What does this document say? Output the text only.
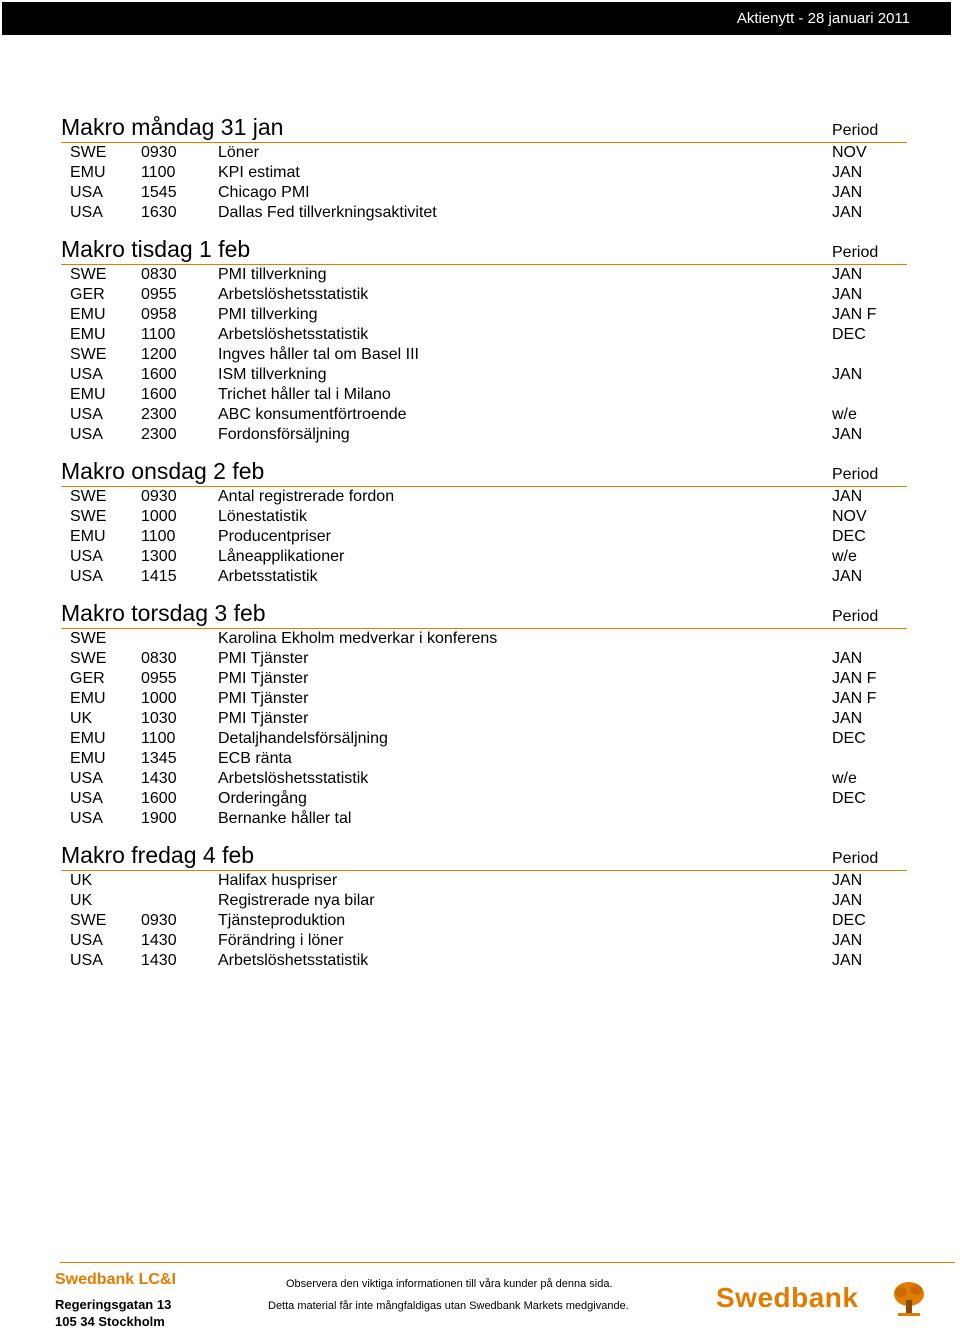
Aktienytt - 28 januari 2011
Makro måndag 31 jan	Period
SWE 0930	Löner	NOV
EMU 1100	KPI estimat	JAN
USA 1545	Chicago PMI	JAN
USA 1630	Dallas Fed tillverkningsaktivitet	JAN
Makro tisdag 1 feb	Period
SWE 0830	PMI tillverkning	JAN
GER 0955	Arbetslöshetsstatistik	JAN
EMU 0958	PMI tillverking	JAN F
EMU 1100	Arbetslöshetsstatistik	DEC
SWE 1200	Ingves håller tal om Basel III
USA 1600	ISM tillverkning	JAN
EMU 1600	Trichet håller tal i Milano
USA 2300	ABC konsumentförtroende	w/e
USA 2300	Fordonsförsäljning	JAN
Makro onsdag 2 feb	Period
SWE 0930	Antal registrerade fordon	JAN
SWE 1000	Lönestatistik	NOV
EMU 1100	Producentpriser	DEC
USA 1300	Låneapplikationer	w/e
USA 1415	Arbetsstatistik	JAN
Makro torsdag 3 feb	Period
SWE	Karolina Ekholm medverkar i konferens
SWE 0830	PMI Tjänster	JAN
GER 0955	PMI Tjänster	JAN F
EMU 1000	PMI Tjänster	JAN F
UK	1030	PMI Tjänster	JAN
EMU 1100	Detaljhandelsförsäljning	DEC
EMU 1345	ECB ränta
USA 1430	Arbetslöshetsstatistik	w/e
USA 1600	Orderingång	DEC
USA 1900	Bernanke håller tal
Makro fredag 4 feb	Period
UK	Halifax huspriser	JAN
UK	Registrerade nya bilar	JAN
SWE 0930	Tjänsteproduktion	DEC
USA 1430	Förändring i löner	JAN
USA 1430	Arbetslöshetsstatistik	JAN
Swedbank LC&I
Regeringsgatan 13
105 34 Stockholm
Observera den viktiga informationen till våra kunder på denna sida.
Detta material får inte mångfaldigas utan Swedbank Markets medgivande.	Swedbank
